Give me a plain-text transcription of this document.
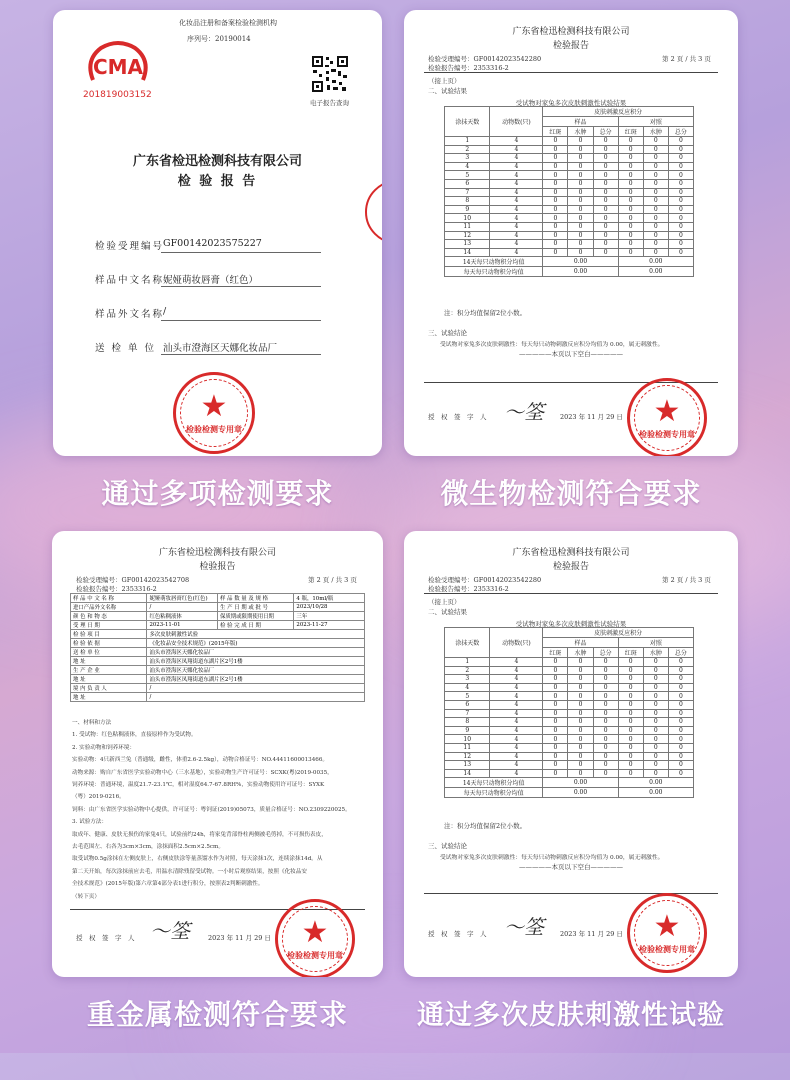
化妆品注册和备案检验检测机构
序列号：20190014
CMA
201819003152
电子报告查询
广东省检迅检测科技有限公司
检 验 报 告
检验受理编号
GF00142023575227
样品中文名称
妮娅萌妆唇膏（红色）
样品外文名称
/
送 检 单 位 汕头市澄海区天娜化妆品厂
★
检验检测专用章
广东省检迅检测科技有限公司
检验报告
检验受理编号：GF00142023542280
检验报告编号：2353316-2
第 2 页 / 共 3 页
（接上页）
二、试验结果
受试物对家兔多次皮肤刺激性试验结果
涂抹天数	动物数(只)	皮肤刺激反应积分					
		样品			对照		
		红斑	水肿	总分	红斑	水肿	总分
1	4	0	0	0	0	0	0
2	4	0	0	0	0	0	0
3	4	0	0	0	0	0	0
4	4	0	0	0	0	0	0
5	4	0	0	0	0	0	0
6	4	0	0	0	0	0	0
7	4	0	0	0	0	0	0
8	4	0	0	0	0	0	0
9	4	0	0	0	0	0	0
10	4	0	0	0	0	0	0
11	4	0	0	0	0	0	0
12	4	0	0	0	0	0	0
13	4	0	0	0	0	0	0
14	4	0	0	0	0	0	0
14天每只动物积分均值		0.00			0.00		
每天每只动物积分均值		0.00			0.00		
注：积分均值保留2位小数。
三、试验结论
受试物对家兔多次皮肤刺激性：每天每只动物刺激反应积分均值为 0.00，属无刺激性。
—————本页以下空白—————
授　权　签　字　人 〜筌 2023 年 11 月 29 日 ★
检验检测专用章
通过多项检测要求	微生物检测符合要求
广东省检迅检测科技有限公司
检验报告
检验受理编号：GF00142023542708
检验报告编号：2353316-2
第 2 页 / 共 3 页
样 品 中 文 名 称	妮娅萌妆唇膏红色(红色)	样 品 数 量 及 规 格	4 瓶，10ml/瓶
进口产品外文名称	/	生 产 日 期 或 批 号	2023/10/28
颜 色 和 物 态	红色粘稠液体	保质期或限期使用日期	三年
受 理 日 期	2023-11-01	检 验 完 成 日 期	2023-11-27
检 验 项 目	多次皮肤刺激性试验		
检 验 依 据	《化妆品安全技术规范》(2015年版)		
送 检 单 位	汕头市澄海区天娜化妆品厂		
地 址	汕头市澄海区凤翔街道东湖片区2号1楼		
生 产 企 业	汕头市澄海区天娜化妆品厂		
地 址	汕头市澄海区凤翔街道东湖片区2号1楼		
境 内 负 责 人	/		
地 址	/		
一、材料和方法
1. 受试物：红色粘稠液体，直接原样作为受试物。
2. 实验动物和饲养环境：
实验动物：4只新西兰兔（普通级，雌性，体重2.6-2.5kg），动物合格证号：NO.44411600013466。
动物来源：购自广东省医学实验动物中心（三水基地），实验动物生产许可证号：SCXK(粤)2019-0035，
饲养环境：普通环境，温度21.7-23.1℃，相对湿度64.7-67.8RH%，实验动物使用许可证号：SYXK
（粤）2019-0216。
饲料：由广东省医学实验动物中心提供，许可证号：粤饲证(2019)05073，质量合格证号：NO.2309220025。
3. 试验方法：
取成年、健康、皮肤无损伤的家兔4只，试验前约24h，将家兔背部脊柱两侧被毛剪掉，不可损伤表皮，
去毛范围左、右各为3cm×3cm，涂抹面积2.5cm×2.5cm。
取受试物0.5g涂抹在左侧皮肤上，右侧皮肤涂等量蒸馏水作为对照，每天涂抹1次，连续涂抹14d。从
第二天开始，每次涂抹前应去毛，用温水清除残留受试物。一小时后观察结果，按照《化妆品安
全技术规范》(2015年版)第六章第4部分表1进行积分，按照表2判断刺激性。
（转下页）
授　权　签　字　人 〜筌	2023 年 11 月 29 日 ★
检验检测专用章
广东省检迅检测科技有限公司
检验报告
检验受理编号：GF00142023542280
检验报告编号：2353316-2
第 2 页 / 共 3 页
（接上页）
二、试验结果
受试物对家兔多次皮肤刺激性试验结果
涂抹天数	动物数(只)	皮肤刺激反应积分					
		样品			对照		
		红斑	水肿	总分	红斑	水肿	总分
1	4	0	0	0	0	0	0
2	4	0	0	0	0	0	0
3	4	0	0	0	0	0	0
4	4	0	0	0	0	0	0
5	4	0	0	0	0	0	0
6	4	0	0	0	0	0	0
7	4	0	0	0	0	0	0
8	4	0	0	0	0	0	0
9	4	0	0	0	0	0	0
10	4	0	0	0	0	0	0
11	4	0	0	0	0	0	0
12	4	0	0	0	0	0	0
13	4	0	0	0	0	0	0
14	4	0	0	0	0	0	0
14天每只动物积分均值		0.00			0.00		
每天每只动物积分均值		0.00			0.00		
注：积分均值保留2位小数。
三、试验结论
受试物对家兔多次皮肤刺激性：每天每只动物刺激反应积分均值为 0.00，属无刺激性。
—————本页以下空白—————
授　权　签　字　人 〜筌 2023 年 11 月 29 日 ★
检验检测专用章
重金属检测符合要求	通过多次皮肤刺激性试验
